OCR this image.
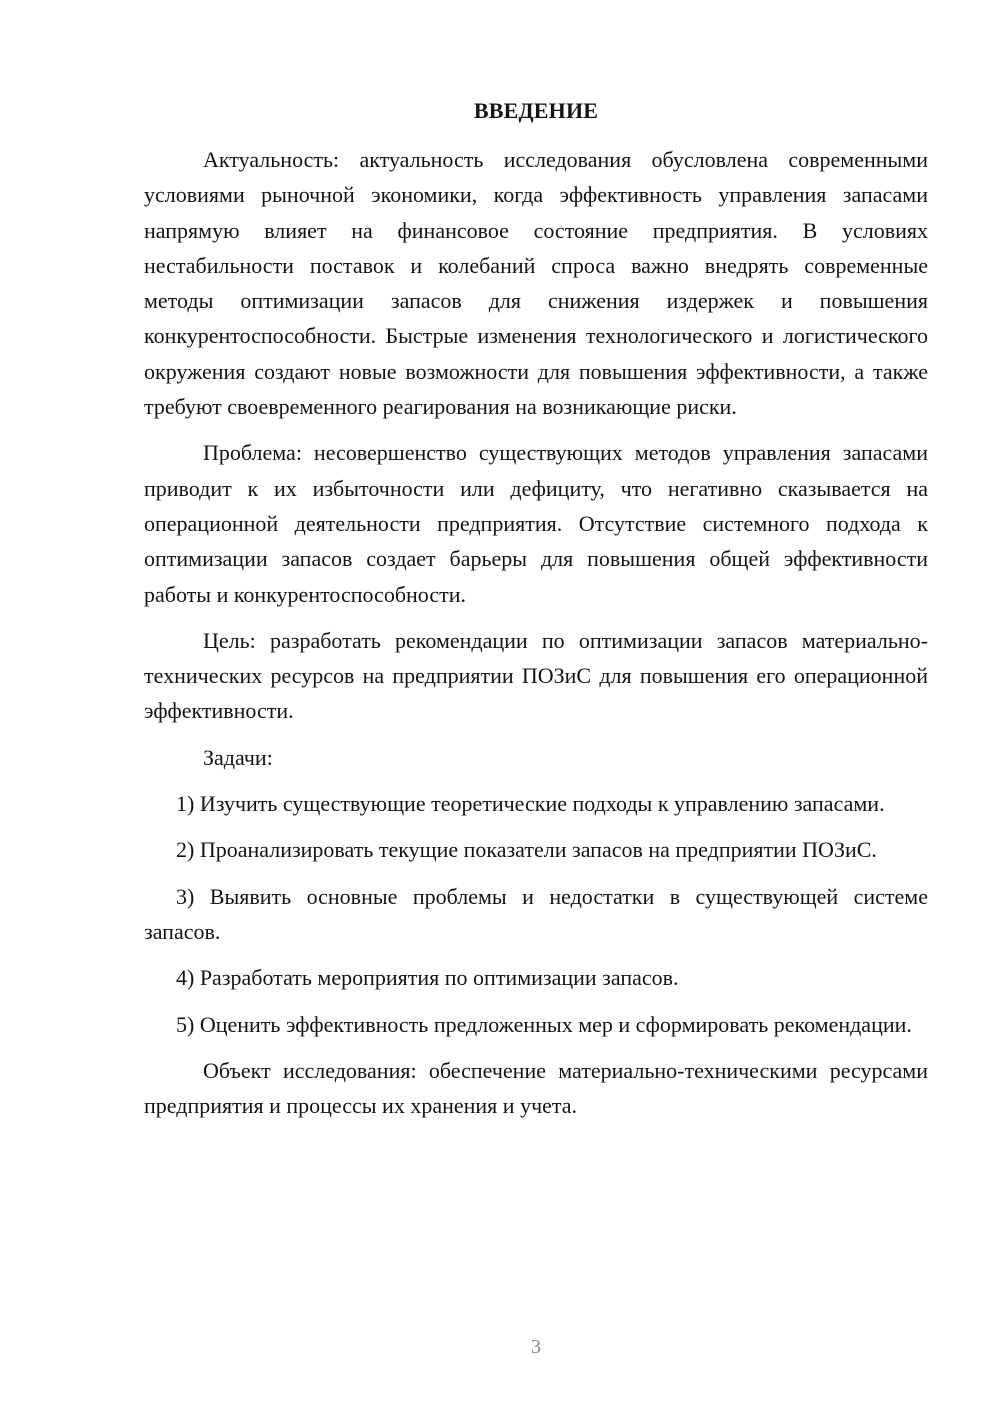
ВВЕДЕНИЕ

Актуальность: актуальность исследования обусловлена современными условиями рыночной экономики, когда эффективность управления запасами напрямую влияет на финансовое состояние предприятия. В условиях нестабильности поставок и колебаний спроса важно внедрять современные методы оптимизации запасов для снижения издержек и повышения конкурентоспособности. Быстрые изменения технологического и логистического окружения создают новые возможности для повышения эффективности, а также требуют своевременного реагирования на возникающие риски.

Проблема: несовершенство существующих методов управления запасами приводит к их избыточности или дефициту, что негативно сказывается на операционной деятельности предприятия. Отсутствие системного подхода к оптимизации запасов создает барьеры для повышения общей эффективности работы и конкурентоспособности.

Цель: разработать рекомендации по оптимизации запасов материально-технических ресурсов на предприятии ПОЗиС для повышения его операционной эффективности.

Задачи:

1) Изучить существующие теоретические подходы к управлению запасами.

2) Проанализировать текущие показатели запасов на предприятии ПОЗиС.

3) Выявить основные проблемы и недостатки в существующей системе запасов.

4) Разработать мероприятия по оптимизации запасов.

5) Оценить эффективность предложенных мер и сформировать рекомендации.

Объект исследования: обеспечение материально-техническими ресурсами предприятия и процессы их хранения и учета.

3
